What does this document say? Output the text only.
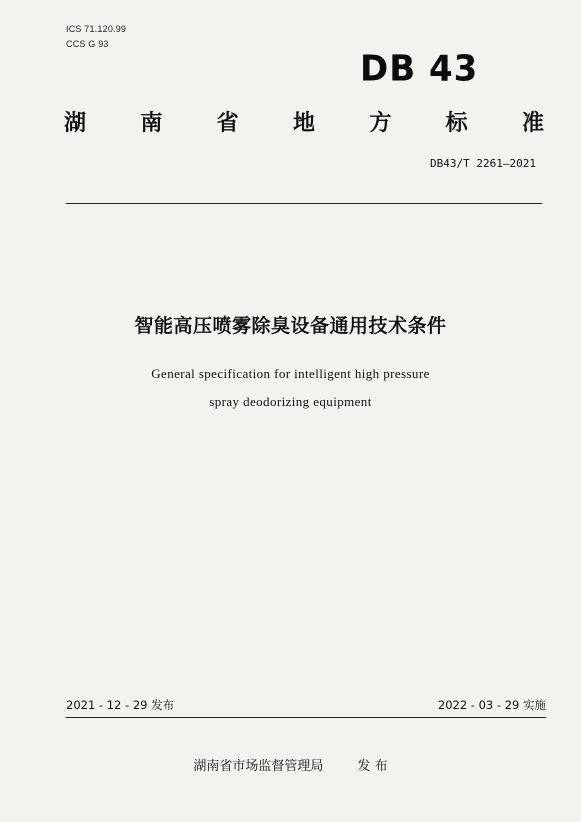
ICS 71.120.99
CCS G 93
DB 43
湖 南 省 地 方 标 准
DB43/T 2261—2021
智能高压喷雾除臭设备通用技术条件
General specification for intelligent high pressure
spray deodorizing equipment
2021 - 12 - 29 发布	2022 - 03 - 29 实施
湖南省市场监督管理局	发 布
